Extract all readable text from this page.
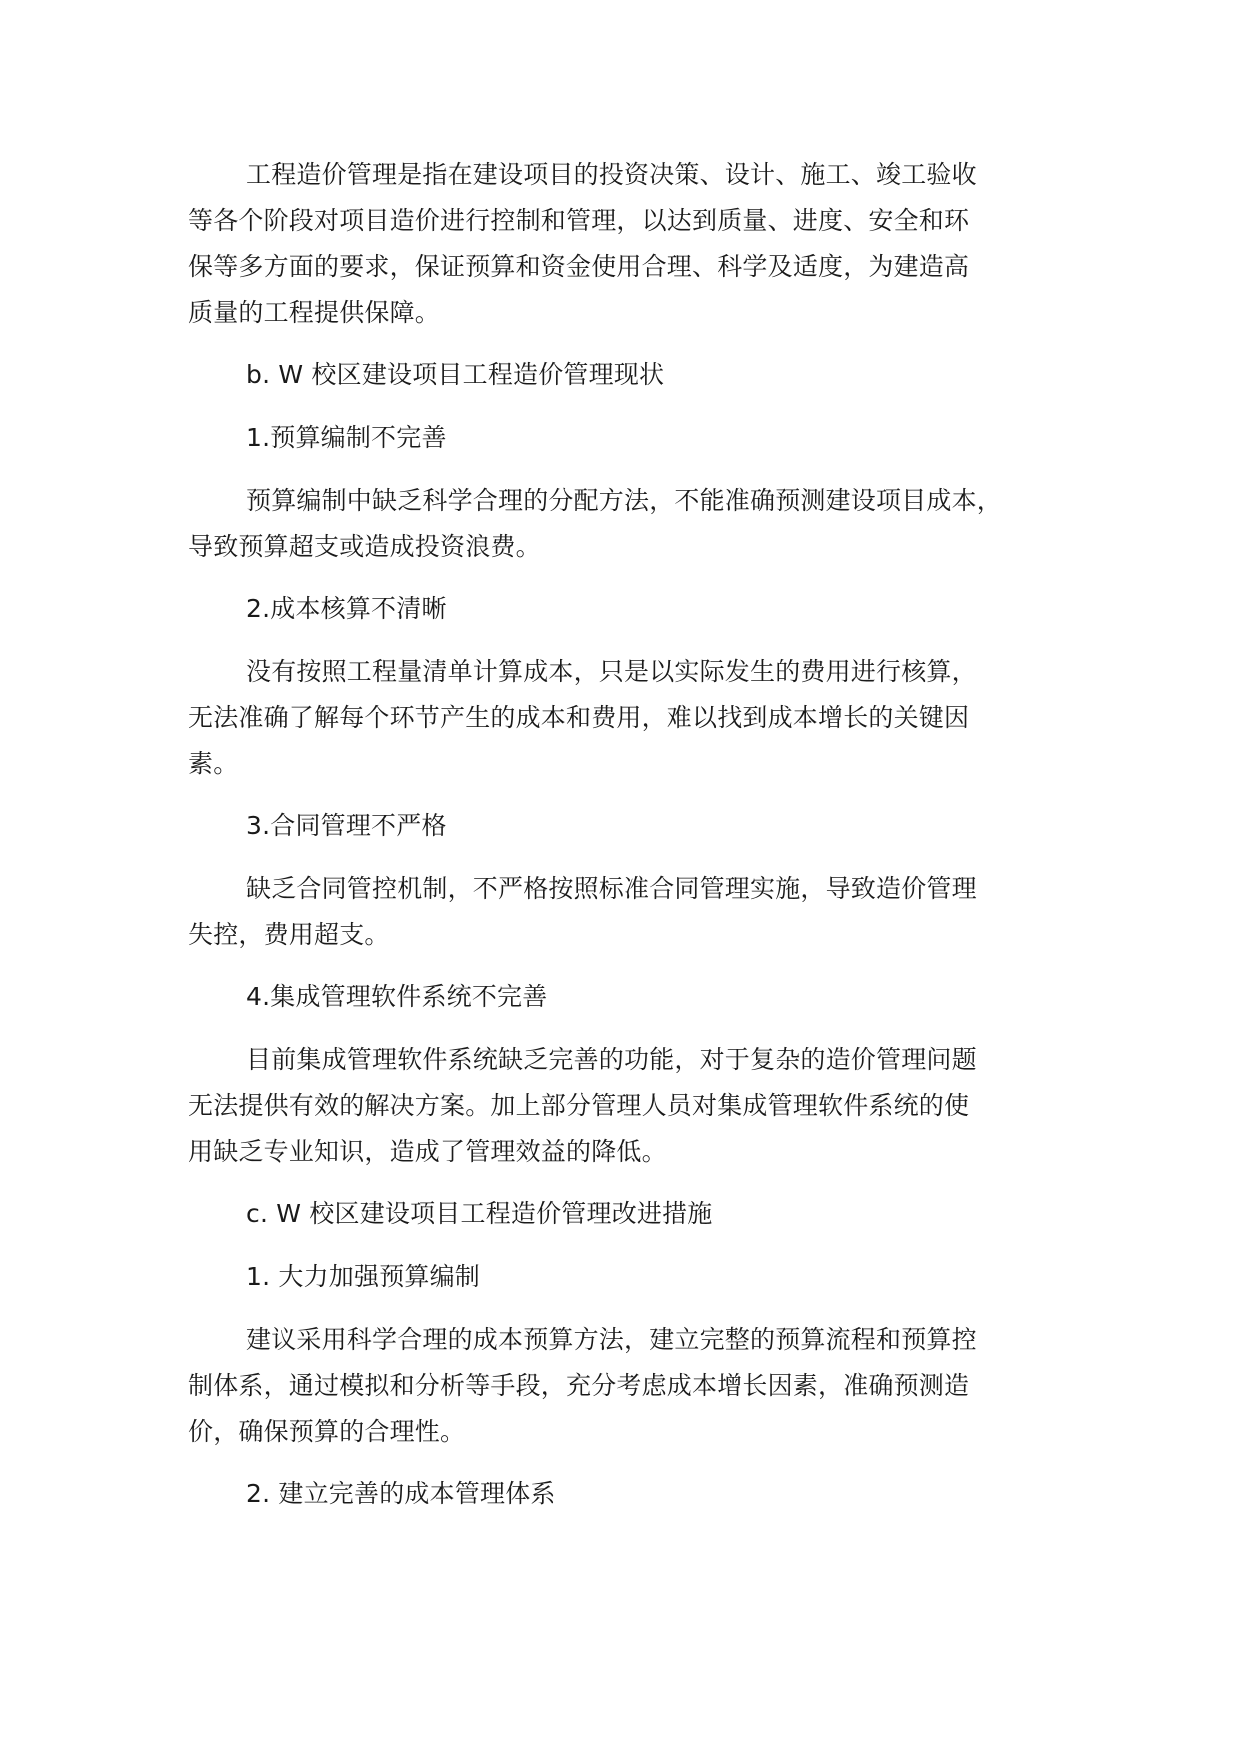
工程造价管理是指在建设项目的投资决策、设计、施工、竣工验收
等各个阶段对项目造价进行控制和管理，以达到质量、进度、安全和环
保等多方面的要求，保证预算和资金使用合理、科学及适度，为建造高
质量的工程提供保障。
b. W 校区建设项目工程造价管理现状
1.预算编制不完善
预算编制中缺乏科学合理的分配方法，不能准确预测建设项目成本，
导致预算超支或造成投资浪费。
2.成本核算不清晰
没有按照工程量清单计算成本，只是以实际发生的费用进行核算，
无法准确了解每个环节产生的成本和费用，难以找到成本增长的关键因
素。
3.合同管理不严格
缺乏合同管控机制，不严格按照标准合同管理实施，导致造价管理
失控，费用超支。
4.集成管理软件系统不完善
目前集成管理软件系统缺乏完善的功能，对于复杂的造价管理问题
无法提供有效的解决方案。加上部分管理人员对集成管理软件系统的使
用缺乏专业知识，造成了管理效益的降低。
c. W 校区建设项目工程造价管理改进措施
1. 大力加强预算编制
建议采用科学合理的成本预算方法，建立完整的预算流程和预算控
制体系，通过模拟和分析等手段，充分考虑成本增长因素，准确预测造
价，确保预算的合理性。
2. 建立完善的成本管理体系
